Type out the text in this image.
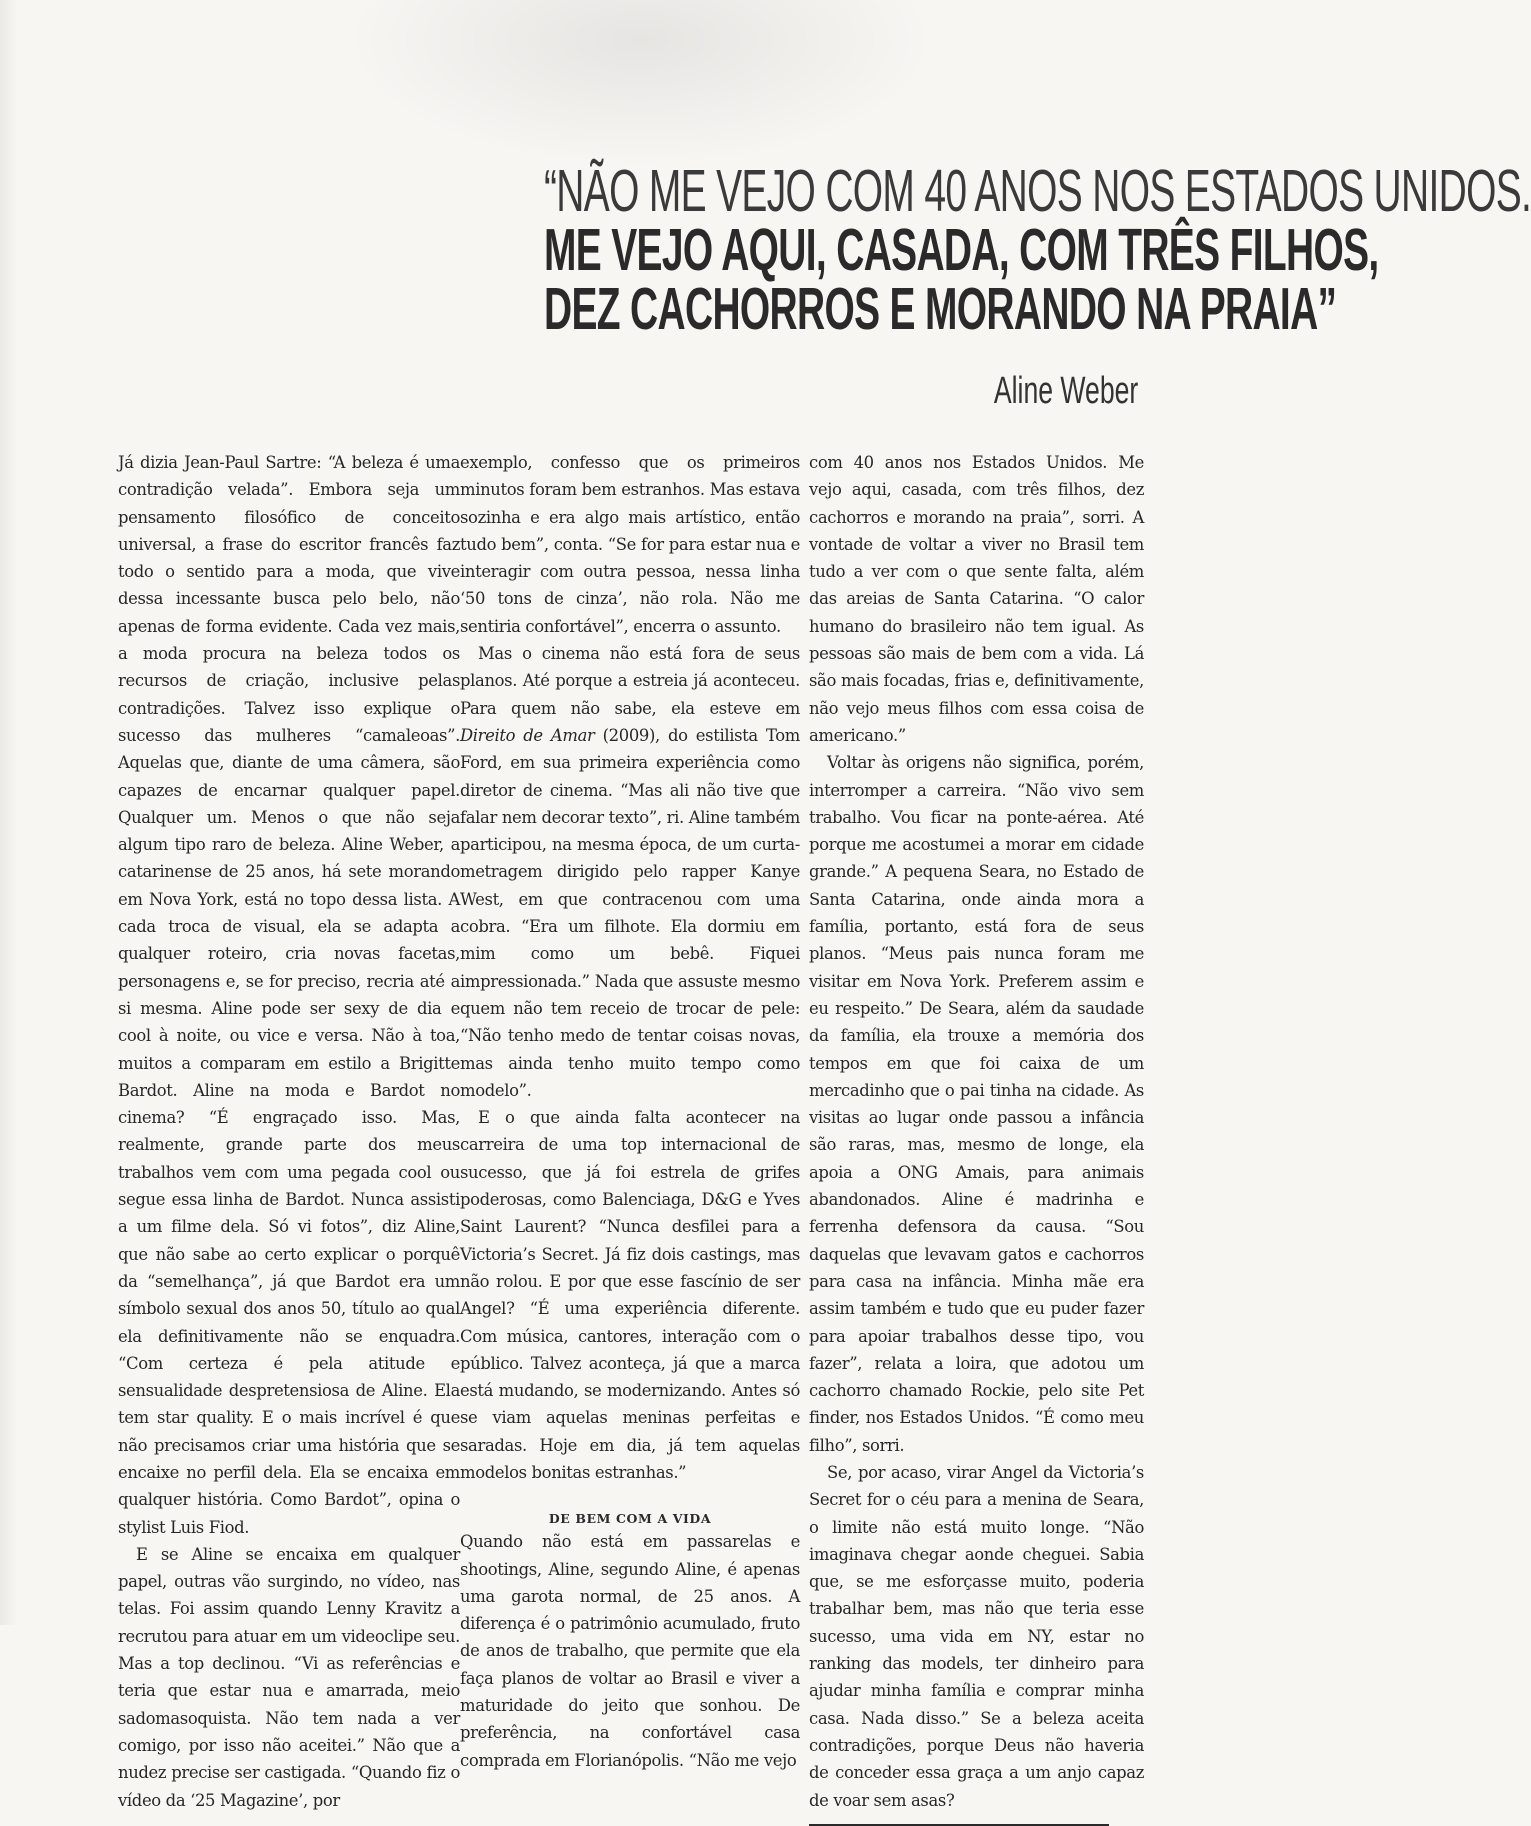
“NÃO ME VEJO COM 40 ANOS NOS ESTADOS UNIDOS.
ME VEJO AQUI, CASADA, COM TRÊS FILHOS,
DEZ CACHORROS E MORANDO NA PRAIA”
Aline Weber

Já dizia Jean-Paul Sartre: “A beleza é uma contradição velada”. Embora seja um pensamento filosófico de conceito universal, a frase do escritor francês faz todo o sentido para a moda, que vive dessa incessante busca pelo belo, não apenas de forma evidente. Cada vez mais, a moda procura na beleza todos os recursos de criação, inclusive pelas contradições. Talvez isso explique o sucesso das mulheres “camaleoas”. Aquelas que, diante de uma câmera, são capazes de encarnar qualquer papel. Qualquer um. Menos o que não seja algum tipo raro de beleza. Aline Weber, a catarinense de 25 anos, há sete morando em Nova York, está no topo dessa lista. A cada troca de visual, ela se adapta a qualquer roteiro, cria novas facetas, personagens e, se for preciso, recria até a si mesma. Aline pode ser sexy de dia e cool à noite, ou vice e versa. Não à toa, muitos a comparam em estilo a Brigitte Bardot. Aline na moda e Bardot no cinema? “É engraçado isso. Mas, realmente, grande parte dos meus trabalhos vem com uma pegada cool ou segue essa linha de Bardot. Nunca assisti a um filme dela. Só vi fotos”, diz Aline, que não sabe ao certo explicar o porquê da “semelhança”, já que Bardot era um símbolo sexual dos anos 50, título ao qual ela definitivamente não se enquadra. “Com certeza é pela atitude e sensualidade despretensiosa de Aline. Ela tem star quality. E o mais incrível é que não precisamos criar uma história que se encaixe no perfil dela. Ela se encaixa em qualquer história. Como Bardot”, opina o stylist Luis Fiod.

E se Aline se encaixa em qualquer papel, outras vão surgindo, no vídeo, nas telas. Foi assim quando Lenny Kravitz a recrutou para atuar em um videoclipe seu. Mas a top declinou. “Vi as referências e teria que estar nua e amarrada, meio sadomasoquista. Não tem nada a ver comigo, por isso não aceitei.” Não que a nudez precise ser castigada. “Quando fiz o vídeo da ‘25 Magazine’, por

exemplo, confesso que os primeiros minutos foram bem estranhos. Mas estava sozinha e era algo mais artístico, então tudo bem”, conta. “Se for para estar nua e interagir com outra pessoa, nessa linha ‘50 tons de cinza’, não rola. Não me sentiria confortável”, encerra o assunto.

Mas o cinema não está fora de seus planos. Até porque a estreia já aconteceu. Para quem não sabe, ela esteve em Direito de Amar (2009), do estilista Tom Ford, em sua primeira experiência como diretor de cinema. “Mas ali não tive que falar nem decorar texto”, ri. Aline também participou, na mesma época, de um curta-metragem dirigido pelo rapper Kanye West, em que contracenou com uma cobra. “Era um filhote. Ela dormiu em mim como um bebê. Fiquei impressionada.” Nada que assuste mesmo quem não tem receio de trocar de pele: “Não tenho medo de tentar coisas novas, mas ainda tenho muito tempo como modelo”.

E o que ainda falta acontecer na carreira de uma top internacional de sucesso, que já foi estrela de grifes poderosas, como Balenciaga, D&G e Yves Saint Laurent? “Nunca desfilei para a Victoria’s Secret. Já fiz dois castings, mas não rolou. E por que esse fascínio de ser Angel? “É uma experiência diferente. Com música, cantores, interação com o público. Talvez aconteça, já que a marca está mudando, se modernizando. Antes só se viam aquelas meninas perfeitas e saradas. Hoje em dia, já tem aquelas modelos bonitas estranhas.”

DE BEM COM A VIDA

Quando não está em passarelas e shootings, Aline, segundo Aline, é apenas uma garota normal, de 25 anos. A diferença é o patrimônio acumulado, fruto de anos de trabalho, que permite que ela faça planos de voltar ao Brasil e viver a maturidade do jeito que sonhou. De preferência, na confortável casa comprada em Florianópolis. “Não me vejo

com 40 anos nos Estados Unidos. Me vejo aqui, casada, com três filhos, dez cachorros e morando na praia”, sorri. A vontade de voltar a viver no Brasil tem tudo a ver com o que sente falta, além das areias de Santa Catarina. “O calor humano do brasileiro não tem igual. As pessoas são mais de bem com a vida. Lá são mais focadas, frias e, definitivamente, não vejo meus filhos com essa coisa de americano.”

Voltar às origens não significa, porém, interromper a carreira. “Não vivo sem trabalho. Vou ficar na ponte-aérea. Até porque me acostumei a morar em cidade grande.” A pequena Seara, no Estado de Santa Catarina, onde ainda mora a família, portanto, está fora de seus planos. “Meus pais nunca foram me visitar em Nova York. Preferem assim e eu respeito.” De Seara, além da saudade da família, ela trouxe a memória dos tempos em que foi caixa de um mercadinho que o pai tinha na cidade. As visitas ao lugar onde passou a infância são raras, mas, mesmo de longe, ela apoia a ONG Amais, para animais abandonados. Aline é madrinha e ferrenha defensora da causa. “Sou daquelas que levavam gatos e cachorros para casa na infância. Minha mãe era assim também e tudo que eu puder fazer para apoiar trabalhos desse tipo, vou fazer”, relata a loira, que adotou um cachorro chamado Rockie, pelo site Pet finder, nos Estados Unidos. “É como meu filho”, sorri.

Se, por acaso, virar Angel da Victoria’s Secret for o céu para a menina de Seara, o limite não está muito longe. “Não imaginava chegar aonde cheguei. Sabia que, se me esforçasse muito, poderia trabalhar bem, mas não que teria esse sucesso, uma vida em NY, estar no ranking das models, ter dinheiro para ajudar minha família e comprar minha casa. Nada disso.” Se a beleza aceita contradições, porque Deus não haveria de conceder essa graça a um anjo capaz de voar sem asas?
